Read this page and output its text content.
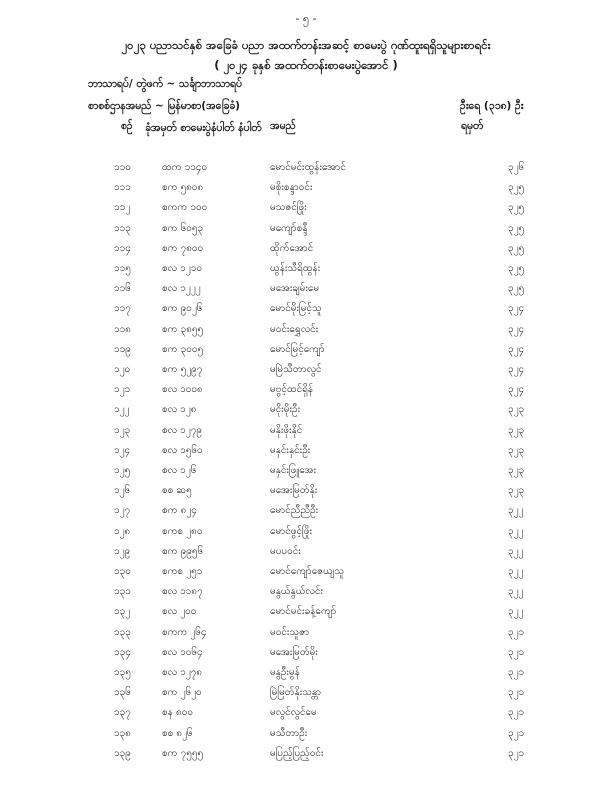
- ၅ -
၂၀၂၃ ပညာသင်နှစ် အခြေခံ ပညာ အထက်တန်းအဆင့် စာမေးပွဲ ဂုဏ်ထူးရရှိသူများစာရင်း
( ၂၀၂၄ ခုနှစ် အထက်တန်းစာမေးပွဲအောင် )
ဘာသာရပ်/ တွဲဖက် ~ သင်္ချာဘာသာရပ်
စာစစ်ဌာနအမည် ~ မြန်မာစာ(အခြေခံ)	ဦးရေ (၃၁၈) ဦး
စဉ် ခုံအမှတ် စာမေးပွဲနံပါတ် နံပါတ် အမည်	ရမှတ်
၁၁၀	ထက ၁၁၄၀	မောင်မင်းထွန်းအောင်	၃၂၆
၁၁၁	စက ၅၈၀၈	မစိုးစန္ဒာဝင်း	၃၂၅
၁၁၂	စကက ၁၀၀	မသဇင်ဖြိုး	၃၂၅
၁၁၃	စက ၆၀၅၃	မကျော်စန္ဒီ	၃၂၅
၁၁၄	စက ၇၈၀၀	ထိုက်အောင်	၃၂၅
၁၁၅	စလ ၁၂၁၀	ယွန်းသီရိထွန်း	၃၂၅
၁၁၆	စလ ၁၂၂၂	မအေးချမ်းမေ	၃၂၅
၁၁၇	စက ၉၀၂၆	မောင်မိုးမြင့်သူ	၃၂၄
၁၁၈	စက ၃၈၅၅	မဝင်းရွှေလင်း	၃၂၄
၁၁၉	စက ၃၀၀၅	မောင်မြင့်ကျော်	၃၂၄
၁၂၀	စက ၅၂၉၇	မမြဲသီတာလွင်	၃၂၄
၁၂၁	စလ ၁၀၀၈	မဗွင့်ထင်ရှိန်	၃၂၄
၁၂၂	စလ ၁၂၈	မငိုးမိုးဦး	၃၂၃
၁၂၃	စလ ၁၂၇၉	မနိုးဖိုးနိုင်	၃၂၃
၁၂၄	စလ ၁၅၆၀	မနှင်းနှင်းဦး	၃၂၃
၁၂၅	စလ ၁၂၆	မနှင်းဖြူအေး	၃၂၃
၁၂၆	စစ ဆ၅	မအေးမြတ်နိုး	၃၂၃
၁၂၇	စက ၈၂၄	မောင်ညီညီဦး	၃၂၂
၁၂၈	စကစ ၂၈၀	မောင်ဖွင့်ဖြိုး	၃၂၂
၁၂၉	စက ၉၉၅၆	မပပဝင်း	၃၂၂
၁၃၀	စကစ ၂၅၁	မောင်ကျော်ဇေယျသူ	၃၂၂
၁၃၁	စလ ၁၁၈၇	မနွယ်နွယ်လင်း	၃၂၂
၁၃၂	စလ ၂၀၀	မောင်မင်းခန့်ကျော်	၃၂၂
၁၃၃	စကက ၂၆၄	မဝင်းသူဇာ	၃၂၁
၁၃၄	စလ ၁၀၆၄	မအေးမြတ်မိုး	၃၂၁
၁၃၅	စလ ၁၂၇၈	မနွဦးမွန်	၃၂၁
၁၃၆	စက ၂၆၂၀	မြဲမြတ်နိုးသန္တာ	၃၂၁
၁၃၇	စန ၈၀၀	မလွင်လွင်မေ	၃၂၁
၁၃၈	စစ ၈၂၆	မသီတာဦး	၃၂၁
၁၃၉	စက ၇၅၅၅	မပြည့်ပြည့်ဝင်း	၃၂၁
